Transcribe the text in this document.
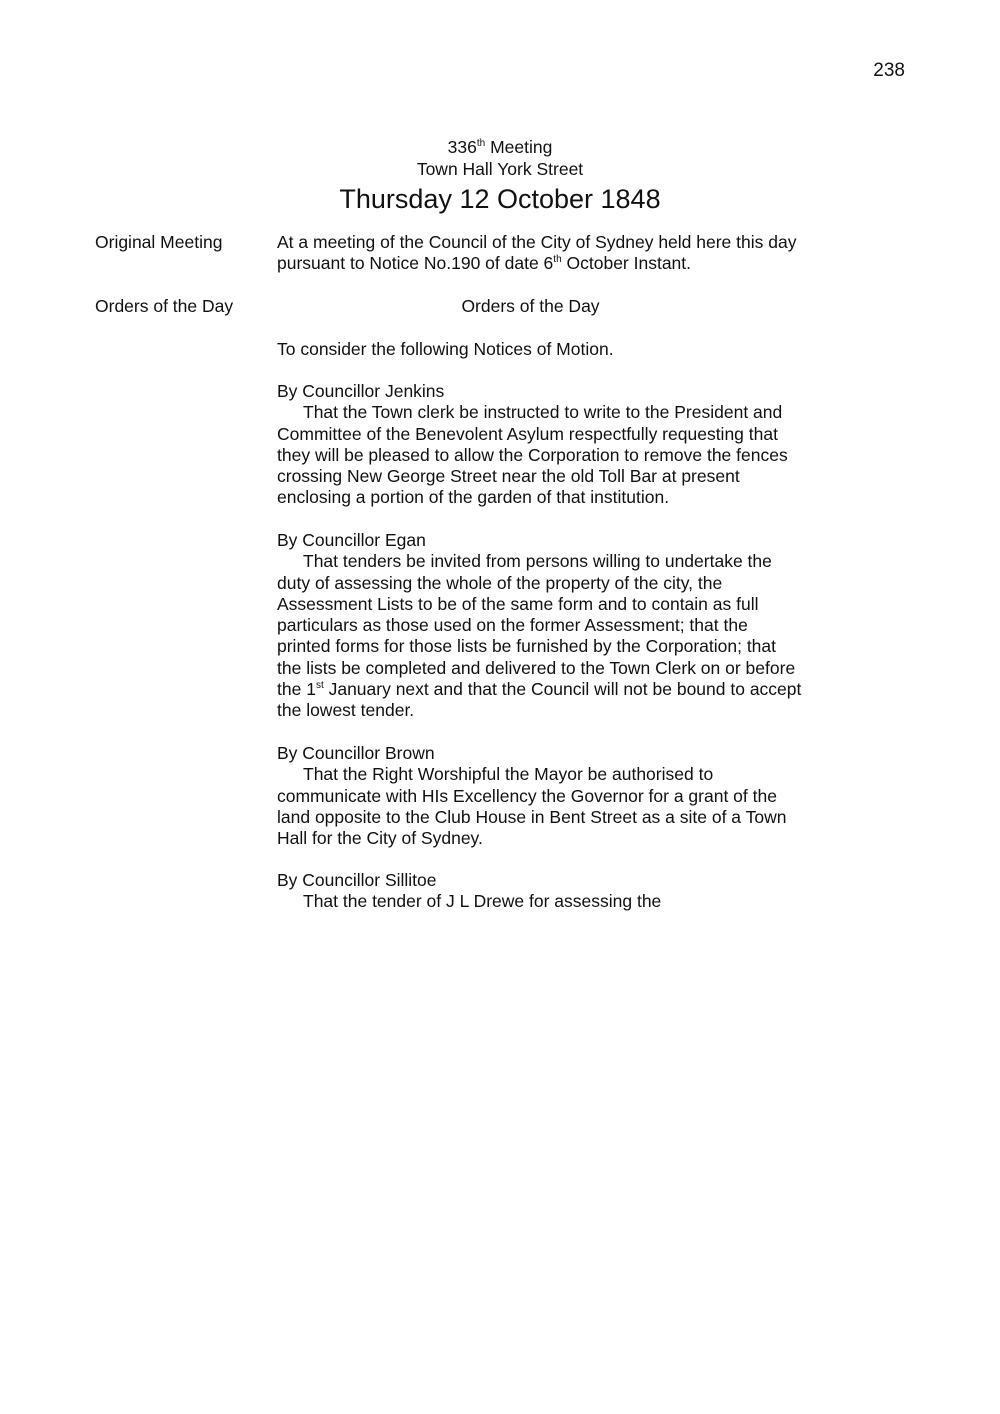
238
336th Meeting
Town Hall York Street
Thursday 12 October 1848
Original Meeting	At a meeting of the Council of the City of Sydney held here this day
pursuant to Notice No.190 of date 6th October Instant.
Orders of the Day	Orders of the Day
To consider the following Notices of Motion.
By Councillor Jenkins
That the Town clerk be instructed to write to the President and
Committee of the Benevolent Asylum respectfully requesting that
they will be pleased to allow the Corporation to remove the fences
crossing New George Street near the old Toll Bar at present
enclosing a portion of the garden of that institution.
By Councillor Egan
That tenders be invited from persons willing to undertake the
duty of assessing the whole of the property of the city, the
Assessment Lists to be of the same form and to contain as full
particulars as those used on the former Assessment; that the
printed forms for those lists be furnished by the Corporation; that
the lists be completed and delivered to the Town Clerk on or before
the 1st January next and that the Council will not be bound to accept
the lowest tender.
By Councillor Brown
That the Right Worshipful the Mayor be authorised to
communicate with HIs Excellency the Governor for a grant of the
land opposite to the Club House in Bent Street as a site of a Town
Hall for the City of Sydney.
By Councillor Sillitoe
That the tender of J L Drewe for assessing the
